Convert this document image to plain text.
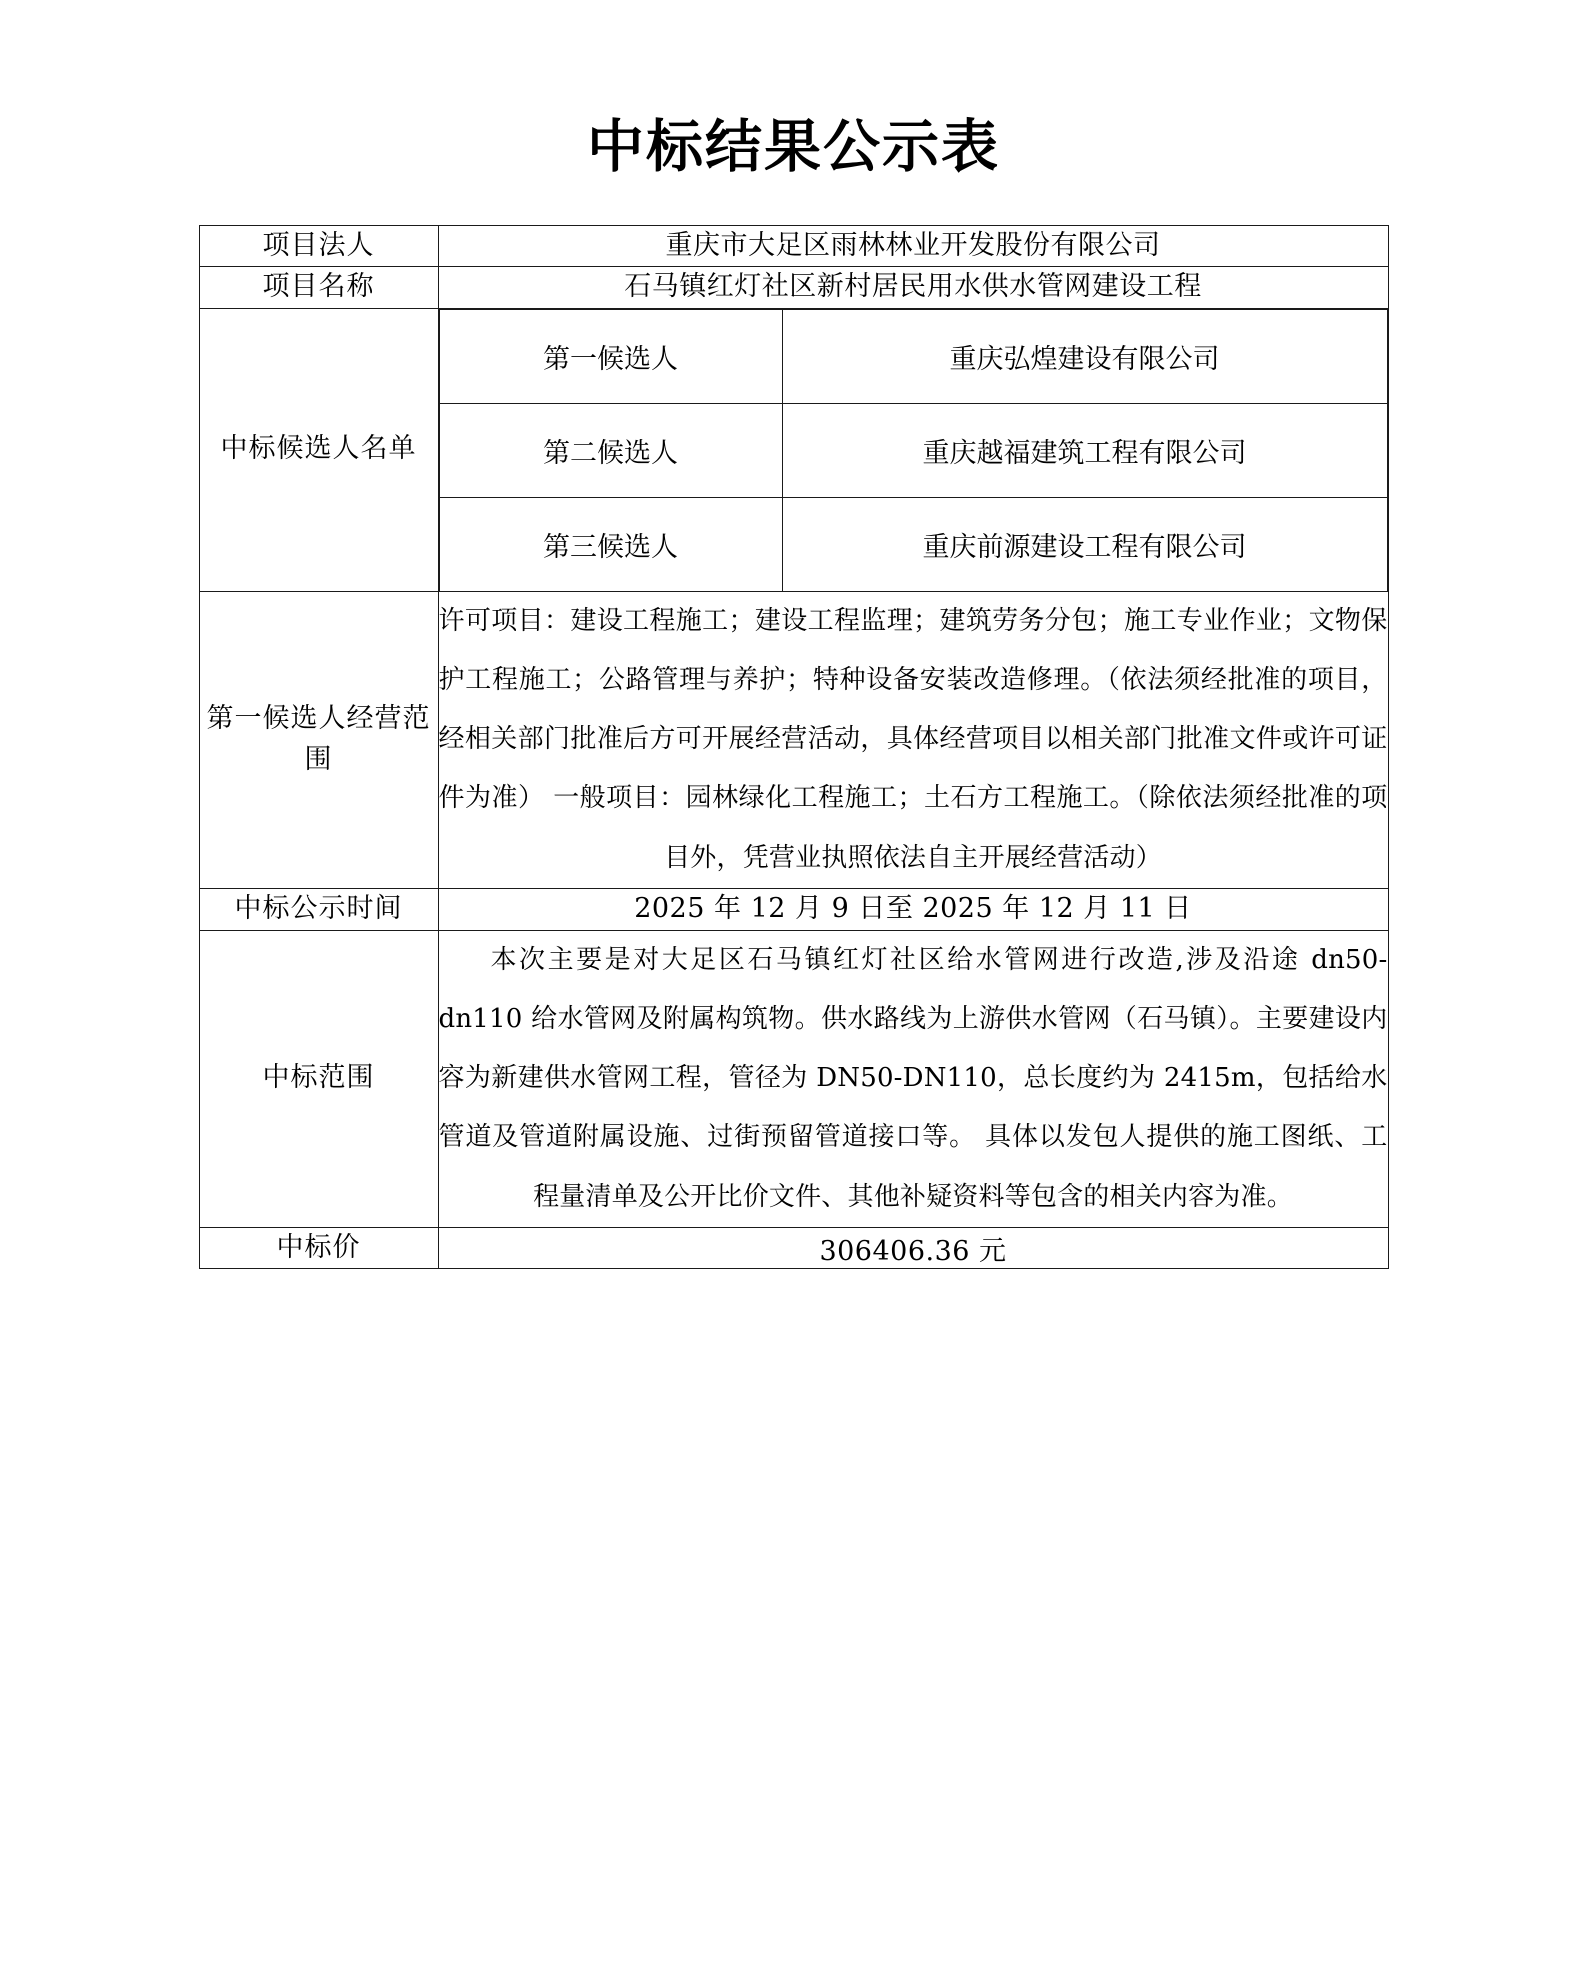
中标结果公示表
项目法人	重庆市大足区雨林林业开发股份有限公司
项目名称	石马镇红灯社区新村居民用水供水管网建设工程
中标候选人名单	
第一候选人	重庆弘煌建设有限公司
第二候选人	重庆越福建筑工程有限公司
第三候选人	重庆前源建设工程有限公司

第一候选人经营范围	许可项目：建设工程施工；建设工程监理；建筑劳务分包；施工专业作业；文物保护工程施工；公路管理与养护；特种设备安装改造修理。（依法须经批准的项目，经相关部门批准后方可开展经营活动，具体经营项目以相关部门批准文件或许可证件为准） 一般项目：园林绿化工程施工；土石方工程施工。（除依法须经批准的项目外，凭营业执照依法自主开展经营活动）
中标公示时间	2025 年 12 月 9 日至 2025 年 12 月 11 日
中标范围	本次主要是对大足区石马镇红灯社区给水管网进行改造,涉及沿途 dn50-dn110 给水管网及附属构筑物。供水路线为上游供水管网（石马镇）。主要建设内容为新建供水管网工程，管径为 DN50-DN110，总长度约为 2415m，包括给水管道及管道附属设施、过街预留管道接口等。 具体以发包人提供的施工图纸、工程量清单及公开比价文件、其他补疑资料等包含的相关内容为准。
中标价	306406.36 元
